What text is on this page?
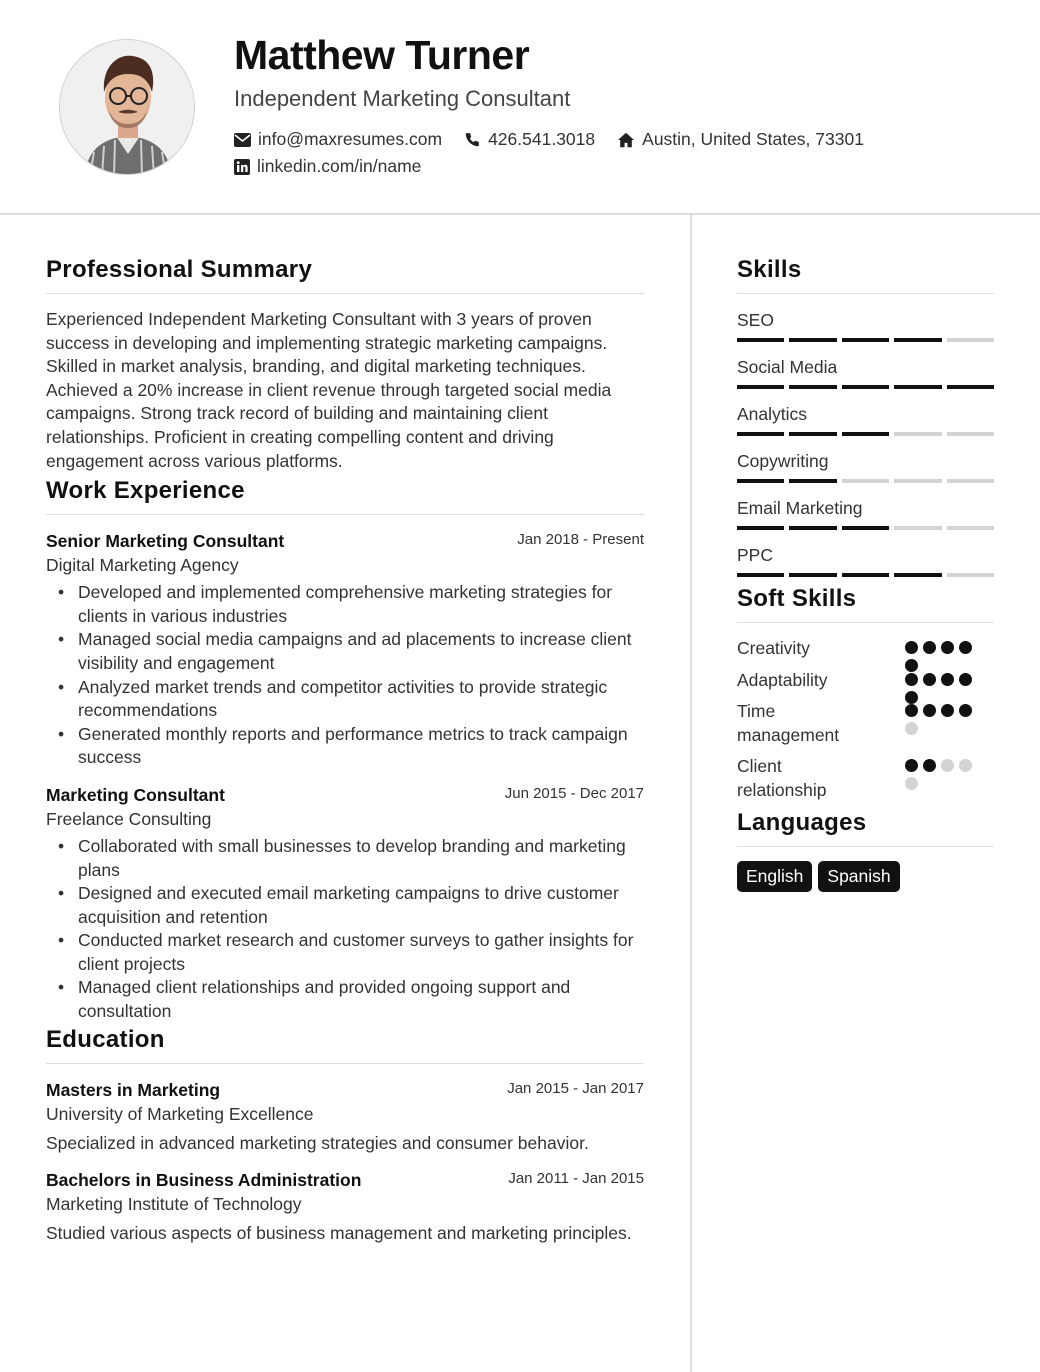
Matthew Turner
Independent Marketing Consultant
info@maxresumes.com	426.541.3018	Austin, United States, 73301
linkedin.com/in/name
Professional Summary

Experienced Independent Marketing Consultant with 3 years of proven success in developing and implementing strategic marketing campaigns. Skilled in market analysis, branding, and digital marketing techniques. Achieved a 20% increase in client revenue through targeted social media campaigns. Strong track record of building and maintaining client relationships. Proficient in creating compelling content and driving engagement across various platforms.

Work Experience
Senior Marketing Consultant	Jan 2018 - Present
Digital Marketing Agency
• Developed and implemented comprehensive marketing strategies for clients in various industries
• Managed social media campaigns and ad placements to increase client visibility and engagement
• Analyzed market trends and competitor activities to provide strategic recommendations
• Generated monthly reports and performance metrics to track campaign success
Marketing Consultant	Jun 2015 - Dec 2017
Freelance Consulting
• Collaborated with small businesses to develop branding and marketing plans
• Designed and executed email marketing campaigns to drive customer acquisition and retention
• Conducted market research and customer surveys to gather insights for client projects
• Managed client relationships and provided ongoing support and consultation
Education
Masters in Marketing	Jan 2015 - Jan 2017
University of Marketing Excellence

Specialized in advanced marketing strategies and consumer behavior.

Bachelors in Business Administration	Jan 2011 - Jan 2015
Marketing Institute of Technology

Studied various aspects of business management and marketing principles.

Skills
SEO
Social Media
Analytics
Copywriting
Email Marketing
PPC
Soft Skills
Creativity
Adaptability
Time management
Client relationship
Languages
English	Spanish
